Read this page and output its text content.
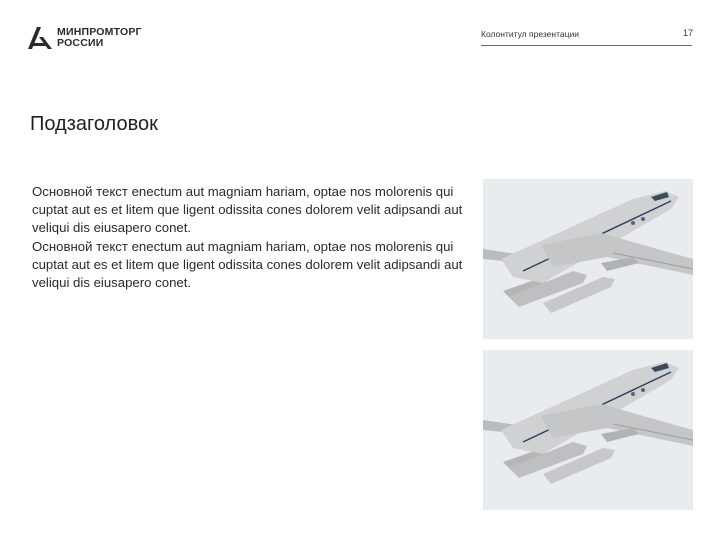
МИНПРОМТОРГ
РОССИИ
Колонтитул презентации	17
Подзаголовок

Основной текст enectum aut magniam hariam, optae nos molorenis qui cuptat aut es et litem que ligent odissita cones dolorem velit adipsandi aut veliqui dis eiusapero conet.

Основной текст enectum aut magniam hariam, optae nos molorenis qui cuptat aut es et litem que ligent odissita cones dolorem velit adipsandi aut veliqui dis eiusapero conet.
